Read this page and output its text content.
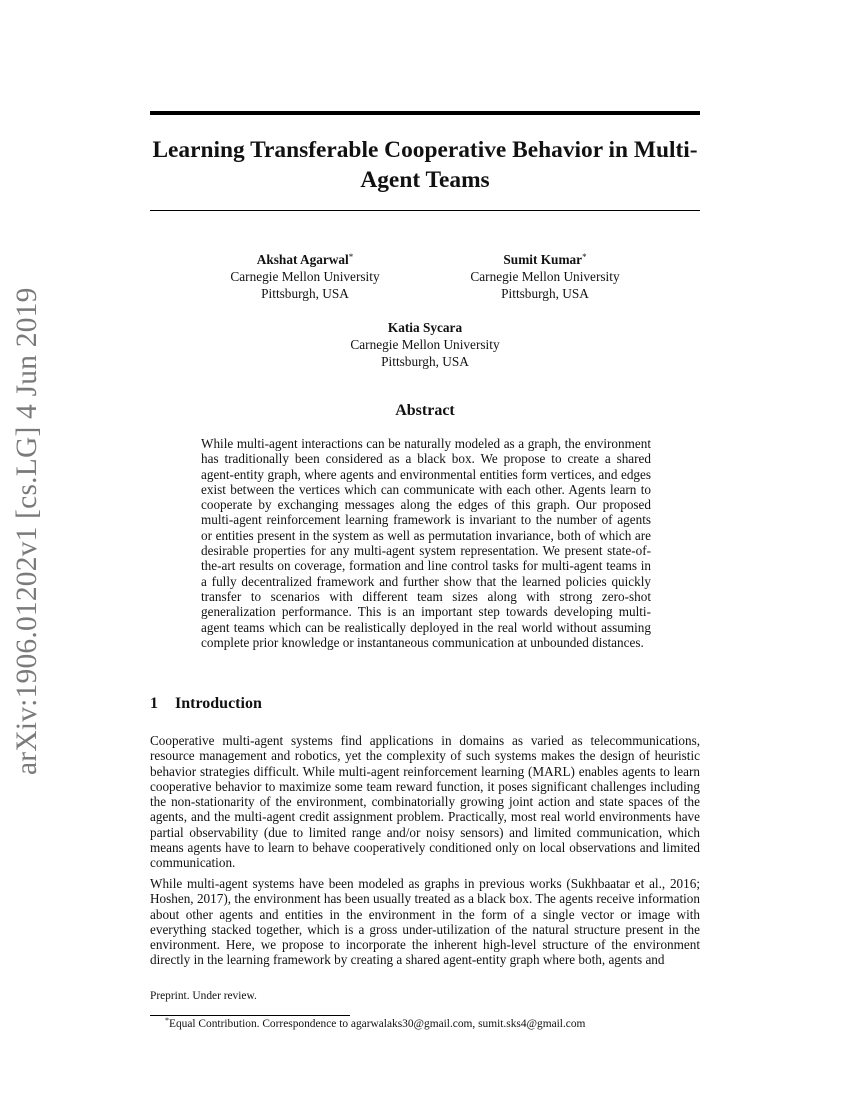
arXiv:1906.01202v1 [cs.LG] 4 Jun 2019
Learning Transferable Cooperative Behavior in Multi-Agent Teams
Akshat Agarwal*
Carnegie Mellon University
Pittsburgh, USA
Sumit Kumar*
Carnegie Mellon University
Pittsburgh, USA
Katia Sycara
Carnegie Mellon University
Pittsburgh, USA
Abstract
While multi-agent interactions can be naturally modeled as a graph, the environment has traditionally been considered as a black box. We propose to create a shared agent-entity graph, where agents and environmental entities form vertices, and edges exist between the vertices which can communicate with each other. Agents learn to cooperate by exchanging messages along the edges of this graph. Our proposed multi-agent reinforcement learning framework is invariant to the number of agents or entities present in the system as well as permutation invariance, both of which are desirable properties for any multi-agent system representation. We present state-of-the-art results on coverage, formation and line control tasks for multi-agent teams in a fully decentralized framework and further show that the learned policies quickly transfer to scenarios with different team sizes along with strong zero-shot generalization performance. This is an important step towards developing multi-agent teams which can be realistically deployed in the real world without assuming complete prior knowledge or instantaneous communication at unbounded distances.
1 Introduction
Cooperative multi-agent systems find applications in domains as varied as telecommunications, resource management and robotics, yet the complexity of such systems makes the design of heuristic behavior strategies difficult. While multi-agent reinforcement learning (MARL) enables agents to learn cooperative behavior to maximize some team reward function, it poses significant challenges including the non-stationarity of the environment, combinatorially growing joint action and state spaces of the agents, and the multi-agent credit assignment problem. Practically, most real world environments have partial observability (due to limited range and/or noisy sensors) and limited communication, which means agents have to learn to behave cooperatively conditioned only on local observations and limited communication.
While multi-agent systems have been modeled as graphs in previous works (Sukhbaatar et al., 2016; Hoshen, 2017), the environment has been usually treated as a black box. The agents receive information about other agents and entities in the environment in the form of a single vector or image with everything stacked together, which is a gross under-utilization of the natural structure present in the environment. Here, we propose to incorporate the inherent high-level structure of the environment directly in the learning framework by creating a shared agent-entity graph where both, agents and
Preprint. Under review.
*Equal Contribution. Correspondence to agarwalaks30@gmail.com, sumit.sks4@gmail.com
